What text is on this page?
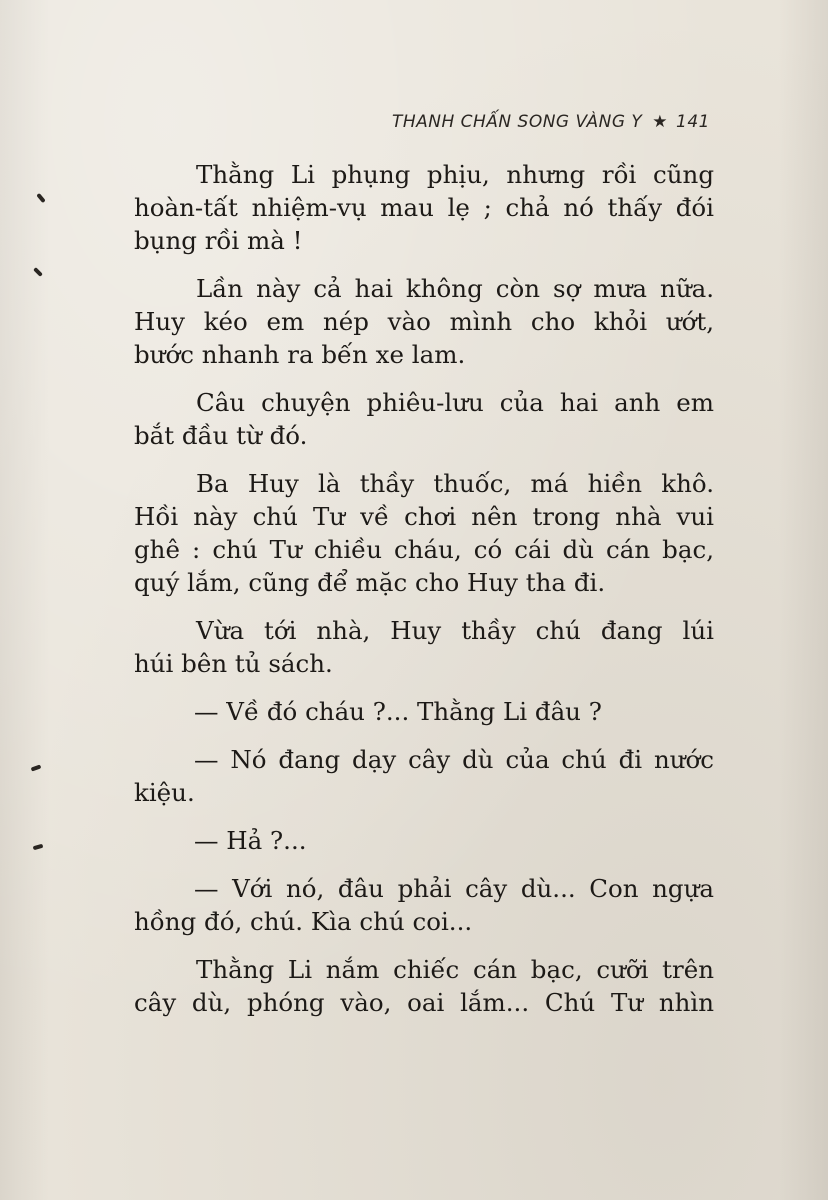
THANH CHẤN SONG VÀNG Y ★ 141
Thằng Li phụng phịu, nhưng rồi cũng
hoàn-tất nhiệm-vụ mau lẹ ; chả nó thấy đói
bụng rồi mà !
Lần này cả hai không còn sợ mưa nữa.
Huy kéo em nép vào mình cho khỏi ướt,
bước nhanh ra bến xe lam.
Câu chuyện phiêu-lưu của hai anh em
bắt đầu từ đó.
Ba Huy là thầy thuốc, má hiền khô.
Hồi này chú Tư về chơi nên trong nhà vui
ghê : chú Tư chiều cháu, có cái dù cán bạc,
quý lắm, cũng để mặc cho Huy tha đi.
Vừa tới nhà, Huy thầy chú đang lúi
húi bên tủ sách.
— Về đó cháu ?... Thằng Li đâu ?
— Nó đang dạy cây dù của chú đi nước
kiệu.
— Hả ?...
— Với nó, đâu phải cây dù... Con ngựa
hồng đó, chú. Kìa chú coi...
Thằng Li nắm chiếc cán bạc, cưỡi trên
cây dù, phóng vào, oai lắm... Chú Tư nhìn
